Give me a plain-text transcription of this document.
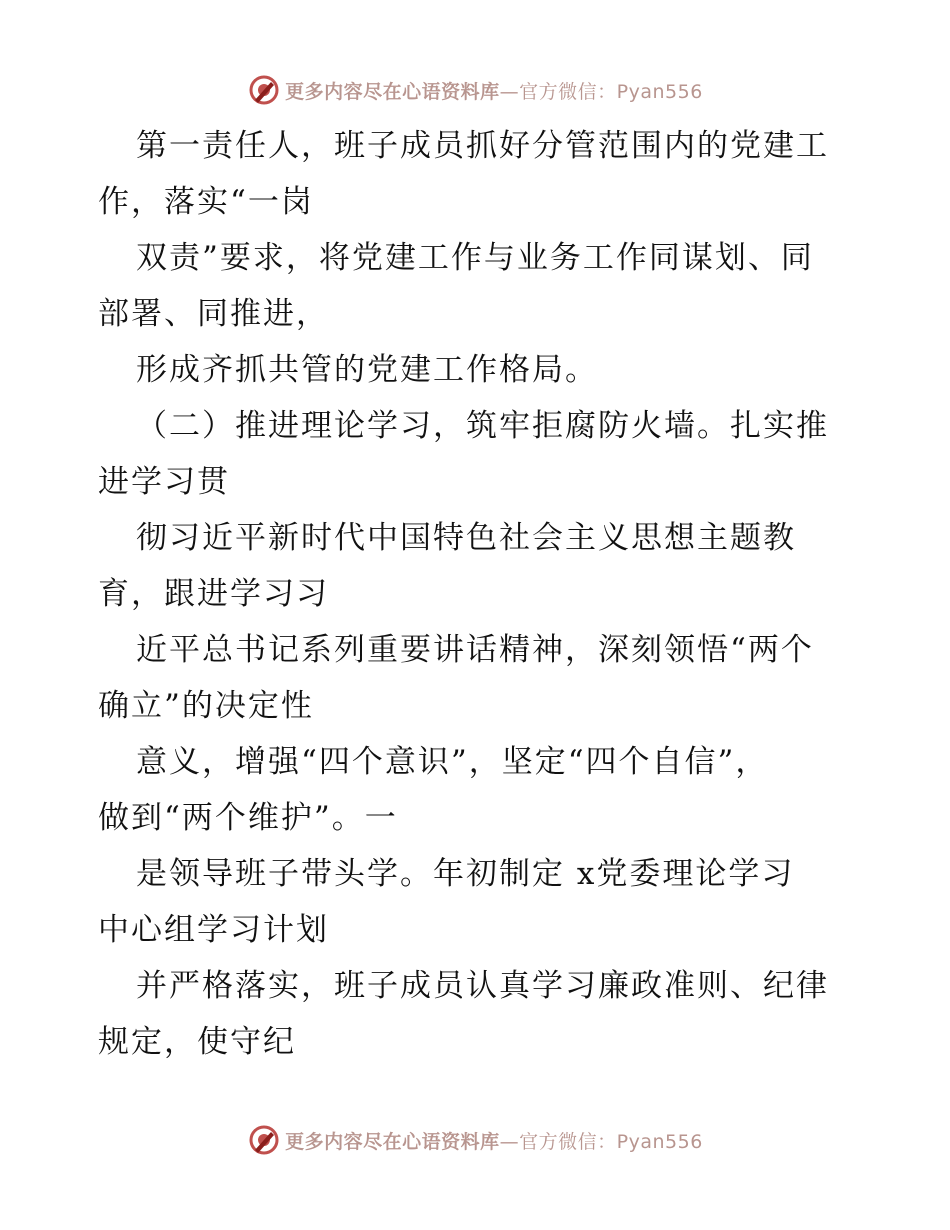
更多内容尽在心语资料库—官方微信：Pyan556
第一责任人，班子成员抓好分管范围内的党建工
作，落实“一岗
双责”要求，将党建工作与业务工作同谋划、同
部署、同推进，
形成齐抓共管的党建工作格局。
（二）推进理论学习，筑牢拒腐防火墙。扎实推
进学习贯
彻习近平新时代中国特色社会主义思想主题教
育，跟进学习习
近平总书记系列重要讲话精神，深刻领悟“两个
确立”的决定性
意义，增强“四个意识”，坚定“四个自信”，
做到“两个维护”。一
是领导班子带头学。年初制定 x党委理论学习
中心组学习计划
并严格落实，班子成员认真学习廉政准则、纪律
规定，使守纪
更多内容尽在心语资料库—官方微信：Pyan556
